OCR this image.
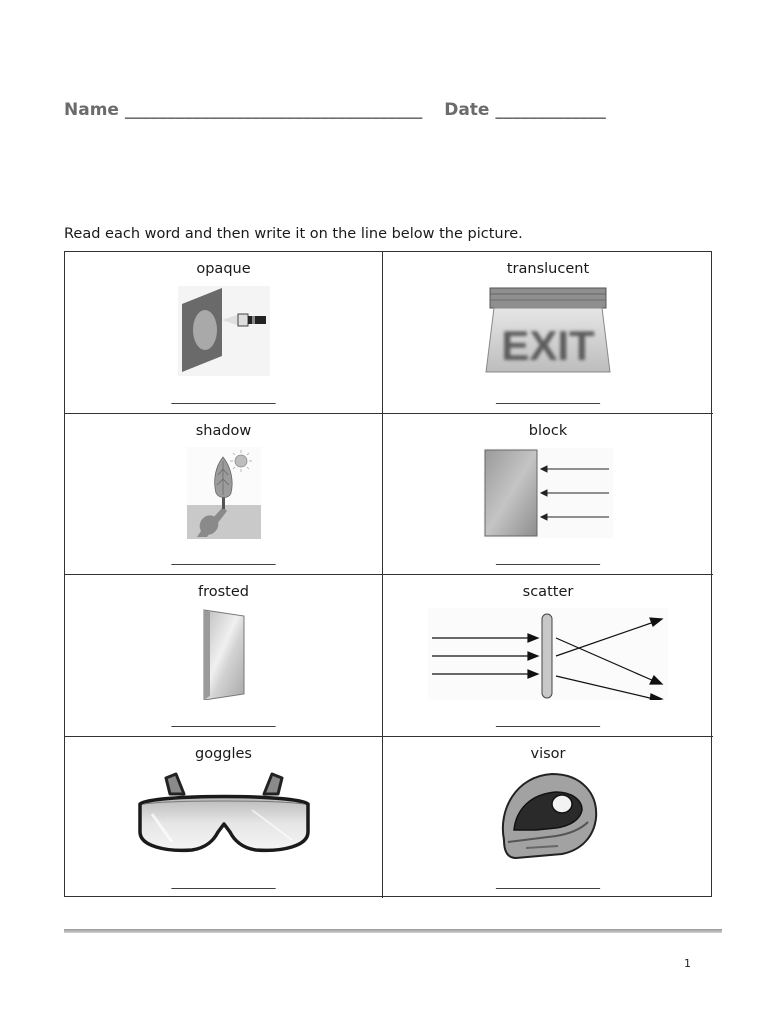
Name ___________________________________ Date _____________
Read each word and then write it on the line below the picture.
opaque
________________
translucent
EXIT
________________
shadow
________________
block
________________
frosted
________________
scatter
________________
goggles
________________
visor
________________
1
